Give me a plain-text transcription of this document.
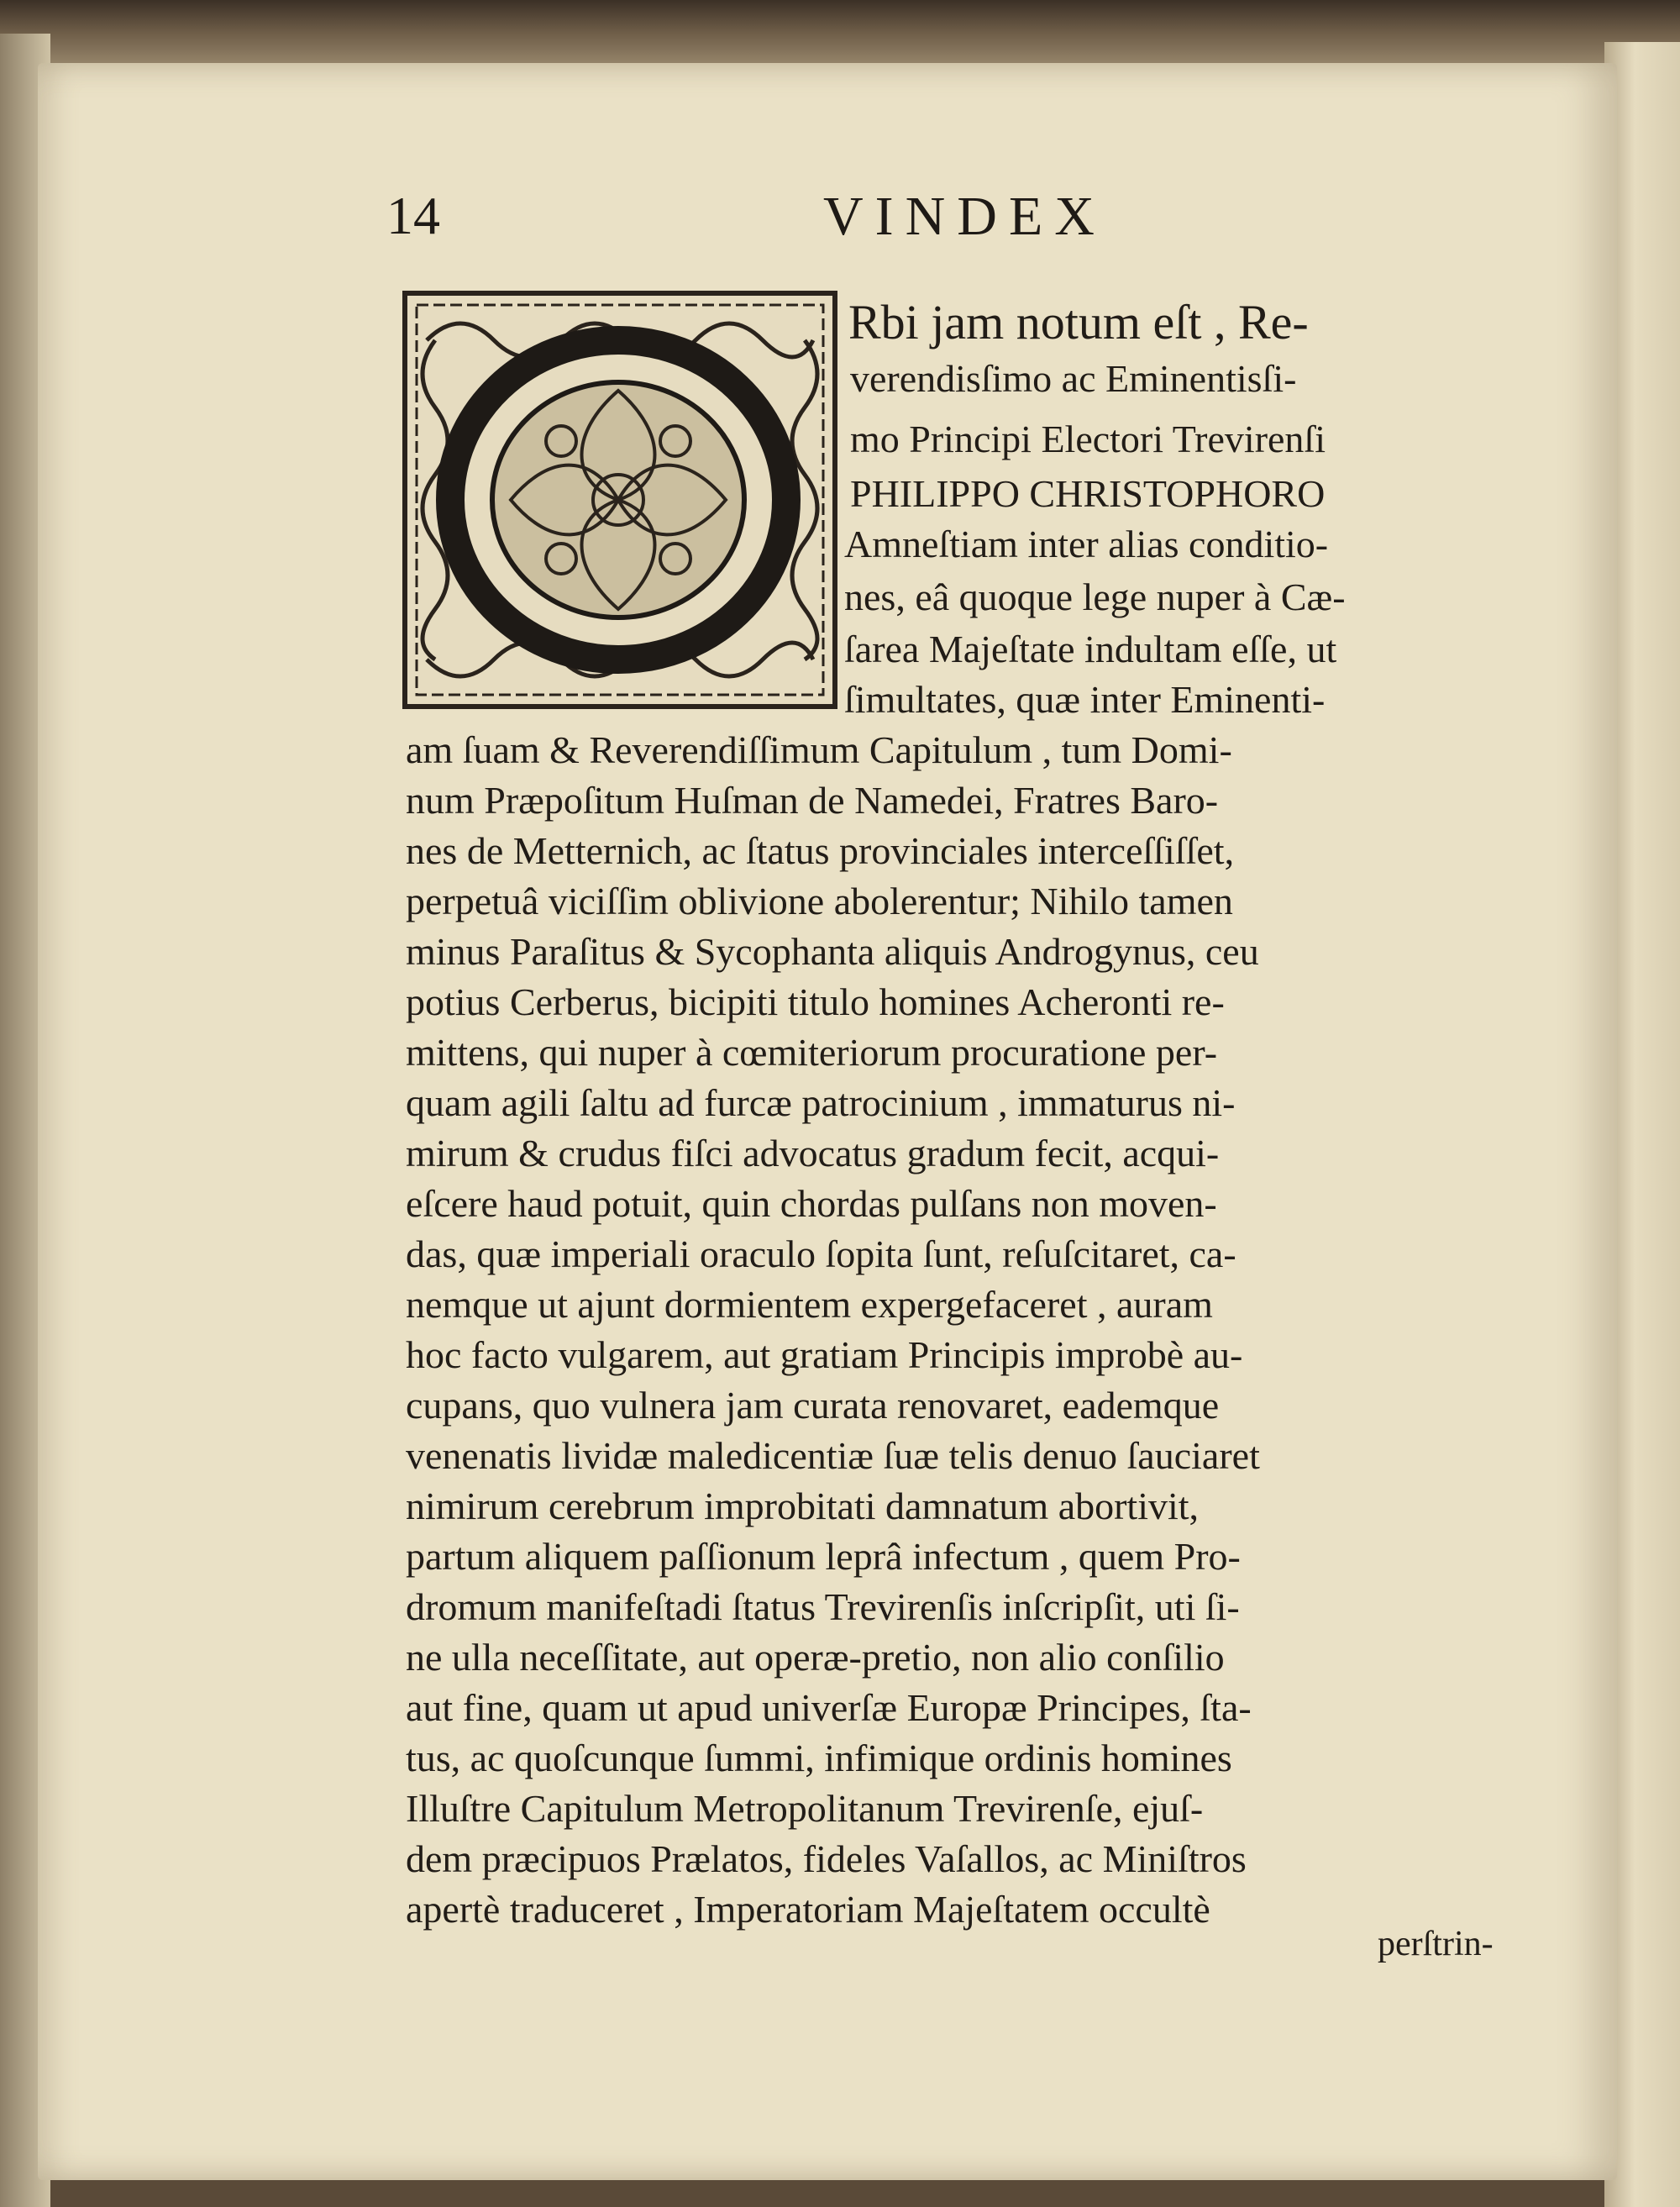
14	VINDEX
Rbi jam notum eſt , Re-
verendisſimo ac Eminentisſi-
mo Principi Electori Trevirenſi
PHILIPPO CHRISTOPHORO
Amneſtiam inter alias conditio-
nes, eâ quoque lege nuper à Cæ-
ſarea Majeſtate indultam eſſe, ut
ſimultates, quæ inter Eminenti-
am ſuam & Reverendiſſimum Capitulum , tum Domi-
num Præpoſitum Huſman de Namedei, Fratres Baro-
nes de Metternich, ac ſtatus provinciales interceſſiſſet,
perpetuâ viciſſim oblivione abolerentur; Nihilo tamen
minus Paraſitus & Sycophanta aliquis Androgynus, ceu
potius Cerberus, bicipiti titulo homines Acheronti re-
mittens, qui nuper à cœmiteriorum procuratione per-
quam agili ſaltu ad furcæ patrocinium , immaturus ni-
mirum & crudus fiſci advocatus gradum fecit, acqui-
eſcere haud potuit, quin chordas pulſans non moven-
das, quæ imperiali oraculo ſopita ſunt, reſuſcitaret, ca-
nemque ut ajunt dormientem expergefaceret , auram
hoc facto vulgarem, aut gratiam Principis improbè au-
cupans, quo vulnera jam curata renovaret, eademque
venenatis lividæ maledicentiæ ſuæ telis denuo ſauciaret
nimirum cerebrum improbitati damnatum abortivit,
partum aliquem paſſionum leprâ infectum , quem Pro-
dromum manifeſtadi ſtatus Trevirenſis inſcripſit, uti ſi-
ne ulla neceſſitate, aut operæ-pretio, non alio conſilio
aut fine, quam ut apud univerſæ Europæ Principes, ſta-
tus, ac quoſcunque ſummi, infimique ordinis homines
Illuſtre Capitulum Metropolitanum Trevirenſe, ejuſ-
dem præcipuos Prælatos, fideles Vaſallos, ac Miniſtros
apertè traduceret , Imperatoriam Majeſtatem occultè
perſtrin-
